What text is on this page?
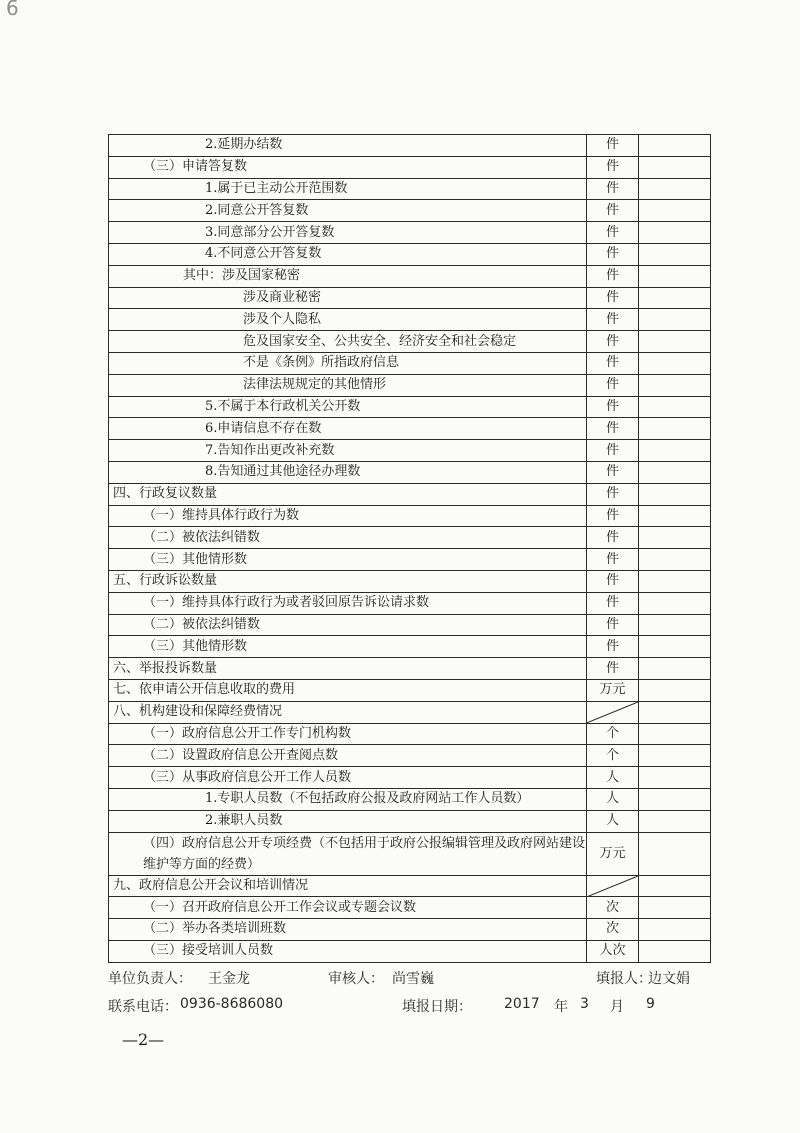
6
2.延期办结数	件	
（三）申请答复数	件	
1.属于已主动公开范围数	件	
2.同意公开答复数	件	
3.同意部分公开答复数	件	
4.不同意公开答复数	件	
其中：涉及国家秘密	件	
涉及商业秘密	件	
涉及个人隐私	件	
危及国家安全、公共安全、经济安全和社会稳定	件	
不是《条例》所指政府信息	件	
法律法规规定的其他情形	件	
5.不属于本行政机关公开数	件	
6.申请信息不存在数	件	
7.告知作出更改补充数	件	
8.告知通过其他途径办理数	件	
四、行政复议数量	件	
（一）维持具体行政行为数	件	
（二）被依法纠错数	件	
（三）其他情形数	件	
五、行政诉讼数量	件	
（一）维持具体行政行为或者驳回原告诉讼请求数	件	
（二）被依法纠错数	件	
（三）其他情形数	件	
六、举报投诉数量	件	
七、依申请公开信息收取的费用	万元	
八、机构建设和保障经费情况	

（一）政府信息公开工作专门机构数	个	
（二）设置政府信息公开查阅点数	个	
（三）从事政府信息公开工作人员数	人	
1.专职人员数（不包括政府公报及政府网站工作人员数）	人	
2.兼职人员数	人	
（四）政府信息公开专项经费（不包括用于政府公报编辑管理及政府网站建设维护等方面的经费）	万元	
九、政府信息公开会议和培训情况	

（一）召开政府信息公开工作会议或专题会议数	次	
（二）举办各类培训班数	次	
（三）接受培训人员数	人次	
单位负责人： 王金龙	审核人： 尚雪巍	填报人：
边文娟
联系电话： 0936-8686080	填报日期： 2017 年 3 月 9
—2—
